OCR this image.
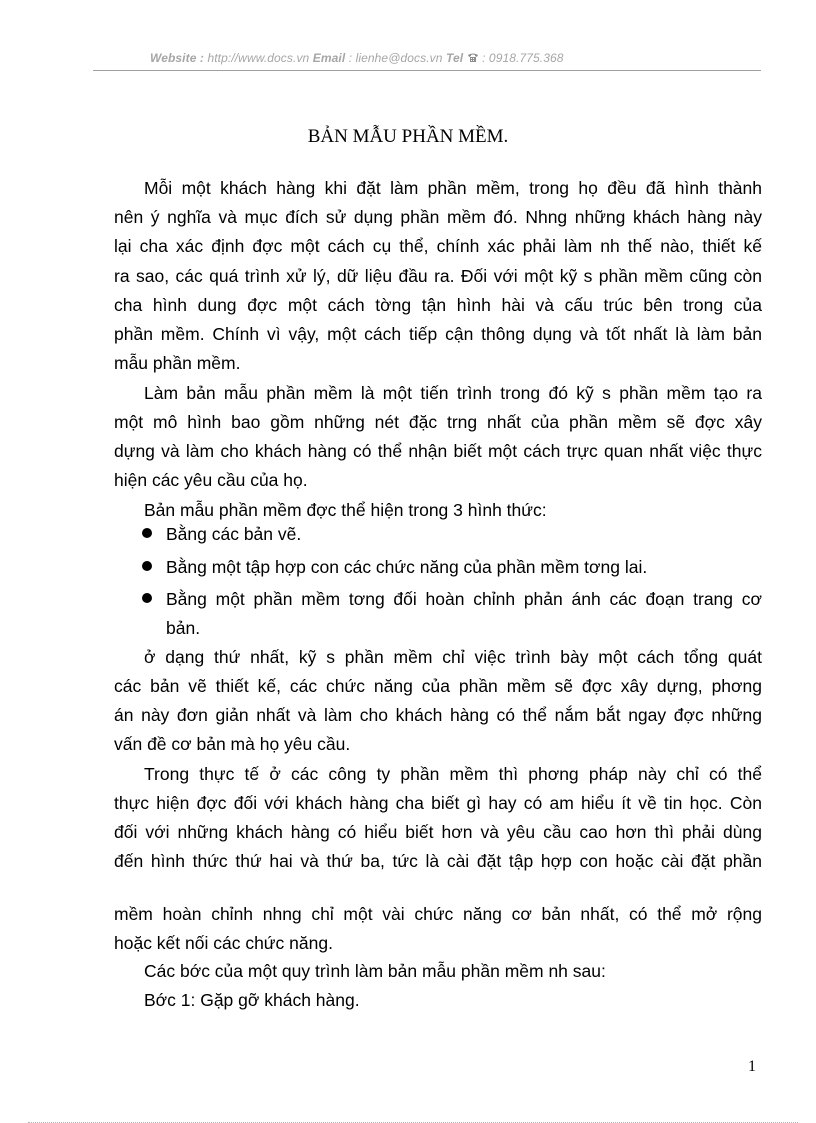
Website : http://www.docs.vn Email : lienhe@docs.vn Tel : 0918.775.368
BẢN MẪU PHẦN MỀM.
Mỗi một khách hàng khi đặt làm phần mềm, trong họ đều đã hình thành
nên ý nghĩa và mục đích sử dụng phần mềm đó. Nhng những khách hàng này
lại cha xác định đợc một cách cụ thể, chính xác phải làm nh thế nào, thiết kế
ra sao, các quá trình xử lý, dữ liệu đầu ra. Đối với một kỹ s phần mềm cũng còn
cha hình dung đợc một cách tờng tận hình hài và cấu trúc bên trong của
phần mềm. Chính vì vậy, một cách tiếp cận thông dụng và tốt nhất là làm bản
mẫu phần mềm.
Làm bản mẫu phần mềm là một tiến trình trong đó kỹ s phần mềm tạo ra
một mô hình bao gồm những nét đặc trng nhất của phần mềm sẽ đợc xây
dựng và làm cho khách hàng có thể nhận biết một cách trực quan nhất việc thực
hiện các yêu cầu của họ.
Bản mẫu phần mềm đợc thể hiện trong 3 hình thức:
Bằng các bản vẽ.
Bằng một tập hợp con các chức năng của phần mềm tơng lai.
Bằng một phần mềm tơng đối hoàn chỉnh phản ánh các đoạn trang cơ
bản.
ở dạng thứ nhất, kỹ s phần mềm chỉ việc trình bày một cách tổng quát
các bản vẽ thiết kế, các chức năng của phần mềm sẽ đợc xây dựng, phơng
án này đơn giản nhất và làm cho khách hàng có thể nắm bắt ngay đợc những
vấn đề cơ bản mà họ yêu cầu.
Trong thực tế ở các công ty phần mềm thì phơng pháp này chỉ có thể
thực hiện đợc đối với khách hàng cha biết gì hay có am hiểu ít về tin học. Còn
đối với những khách hàng có hiểu biết hơn và yêu cầu cao hơn thì phải dùng
đến hình thức thứ hai và thứ ba, tức là cài đặt tập hợp con hoặc cài đặt phần
mềm hoàn chỉnh nhng chỉ một vài chức năng cơ bản nhất, có thể mở rộng
hoặc kết nối các chức năng.
Các bớc của một quy trình làm bản mẫu phần mềm nh sau:
Bớc 1: Gặp gỡ khách hàng.
1
